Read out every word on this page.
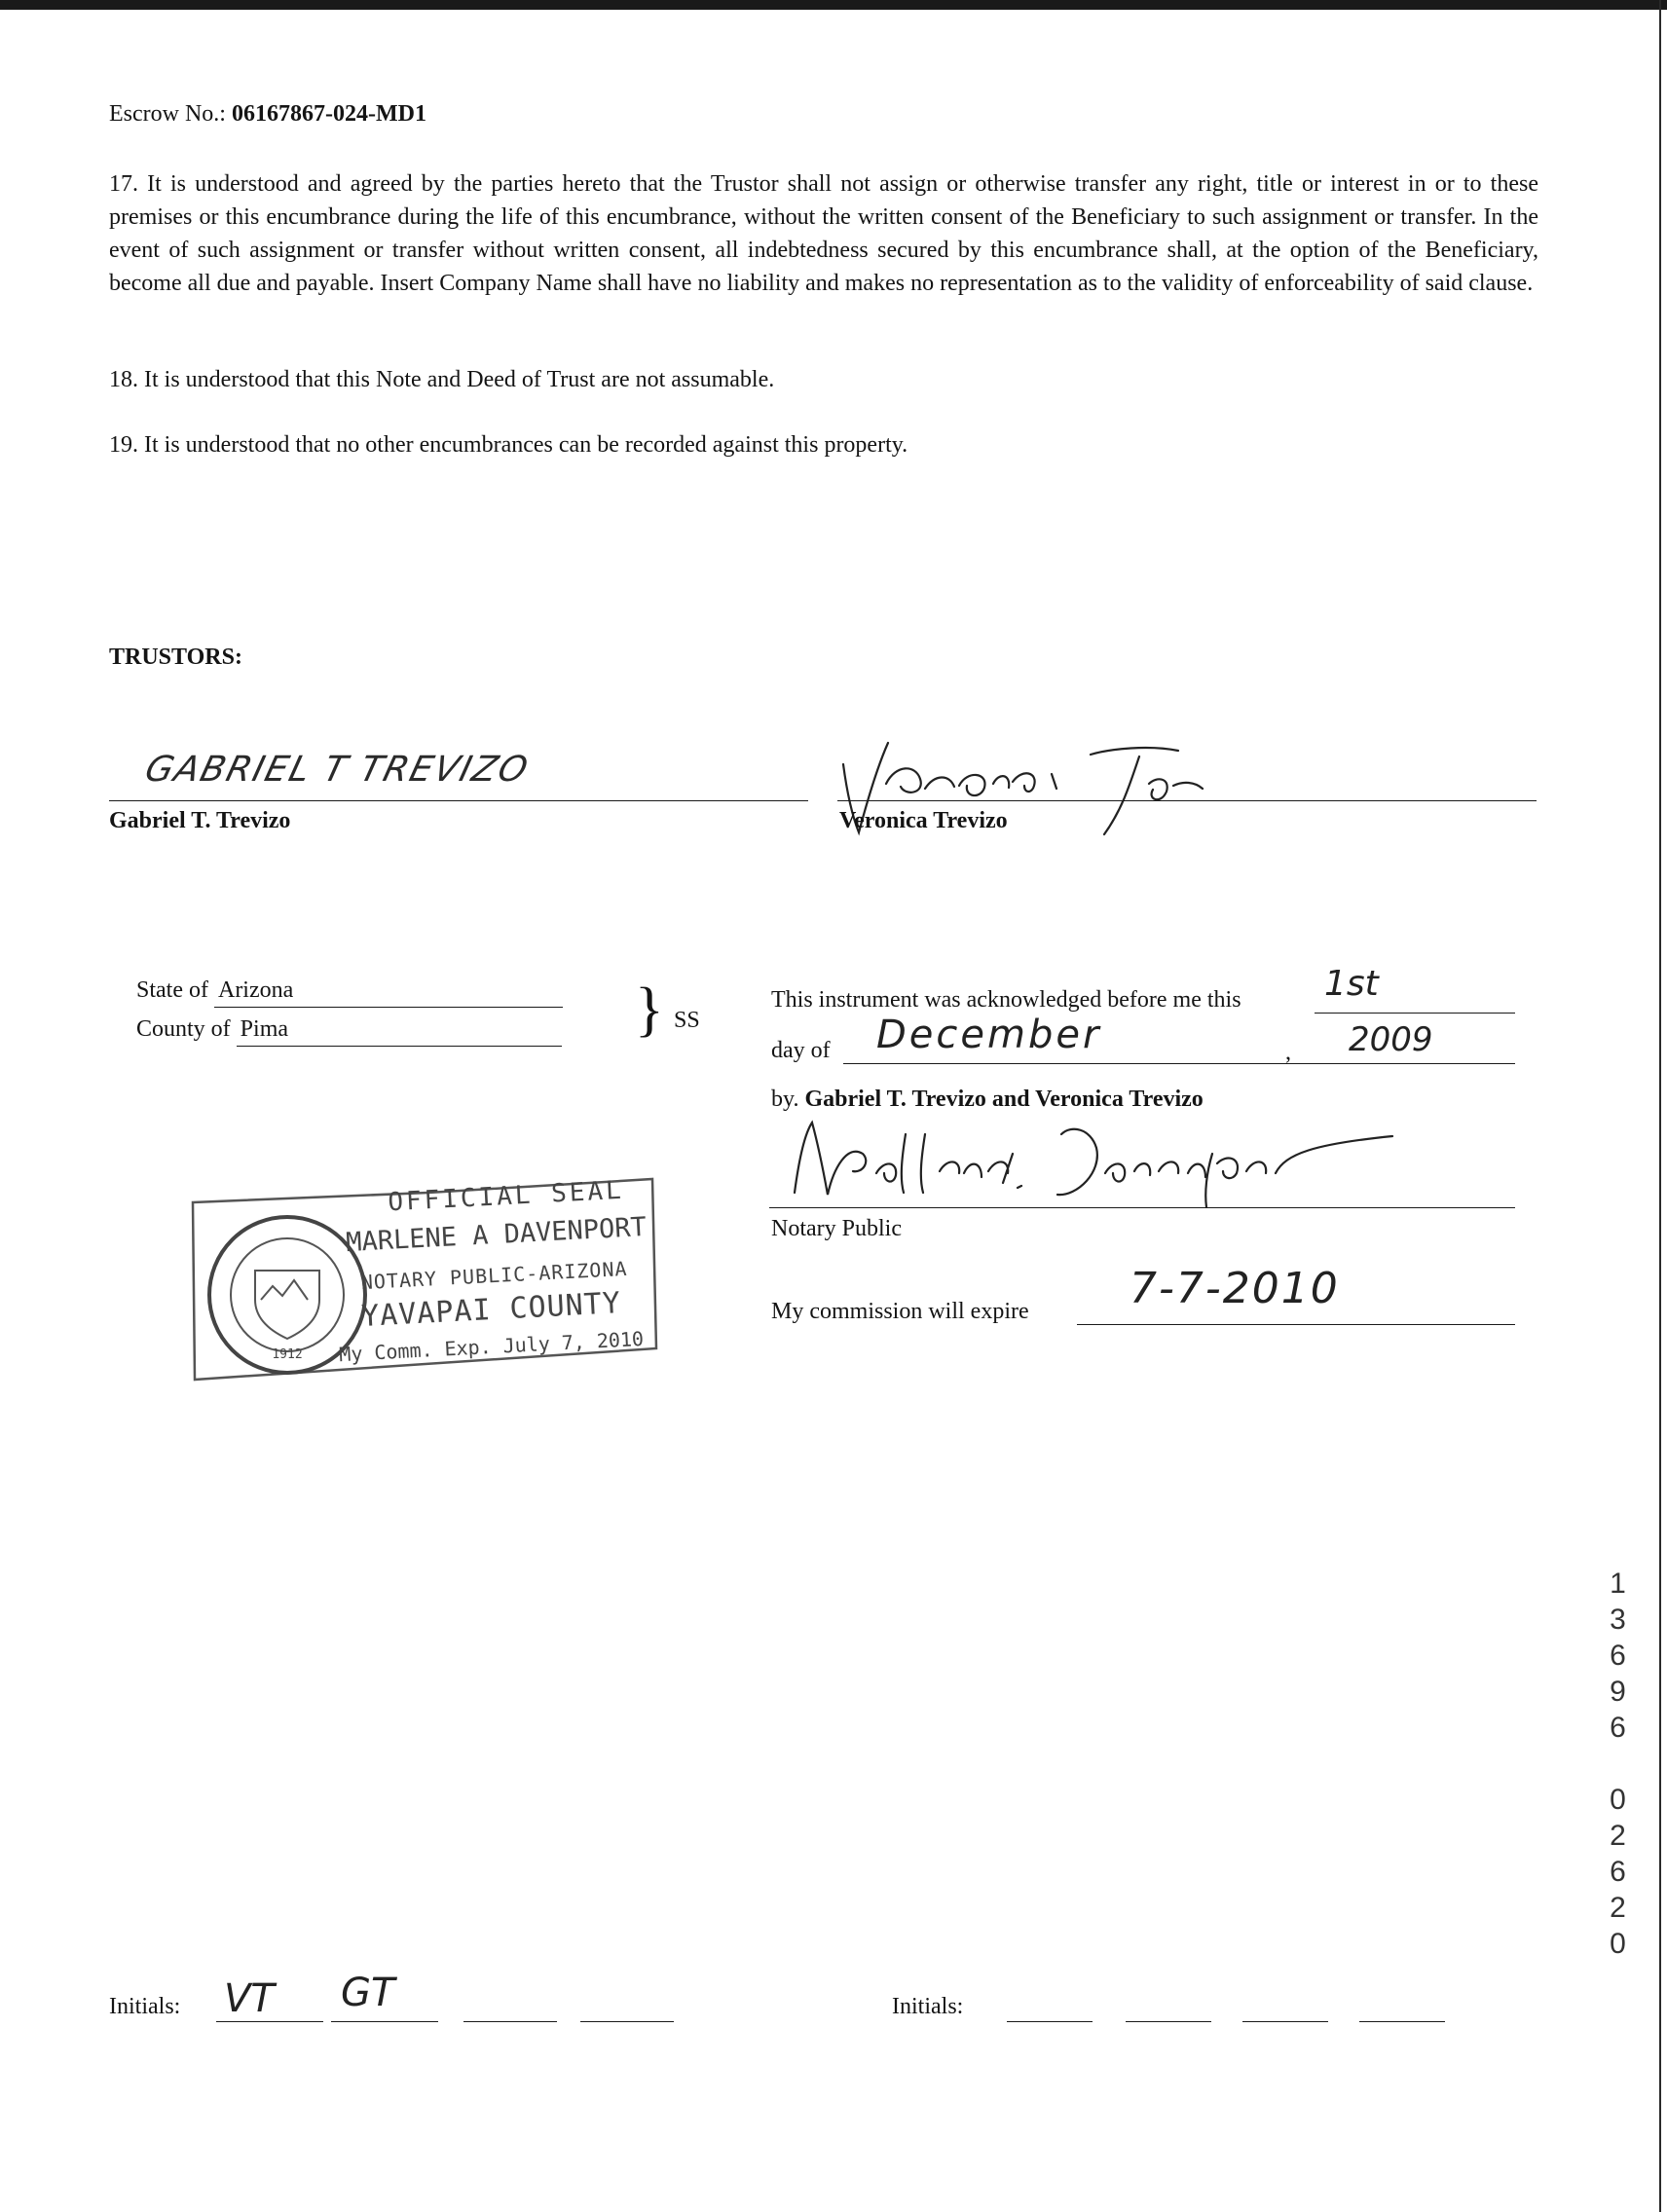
Escrow No.: 06167867-024-MD1
17. It is understood and agreed by the parties hereto that the Trustor shall not assign or otherwise transfer any right, title or interest in or to these premises or this encumbrance during the life of this encumbrance, without the written consent of the Beneficiary to such assignment or transfer. In the event of such assignment or transfer without written consent, all indebtedness secured by this encumbrance shall, at the option of the Beneficiary, become all due and payable. Insert Company Name shall have no liability and makes no representation as to the validity of enforceability of said clause.
18. It is understood that this Note and Deed of Trust are not assumable.
19. It is understood that no other encumbrances can be recorded against this property.
TRUSTORS:
GABRIEL T TREVIZO
Gabriel T. Trevizo	Veronica Trevizo
State of Arizona
County of Pima	} SS
This instrument was acknowledged before me this 1st
day of December	, 2009
by. Gabriel T. Trevizo and Veronica Trevizo
Notary Public
My commission will expire 7-7-2010
1912
OFFICIAL SEAL
MARLENE A DAVENPORT
NOTARY PUBLIC-ARIZONA
YAVAPAI COUNTY
My Comm. Exp. July 7, 2010
13696 02620
Initials: VT GT	Initials:
